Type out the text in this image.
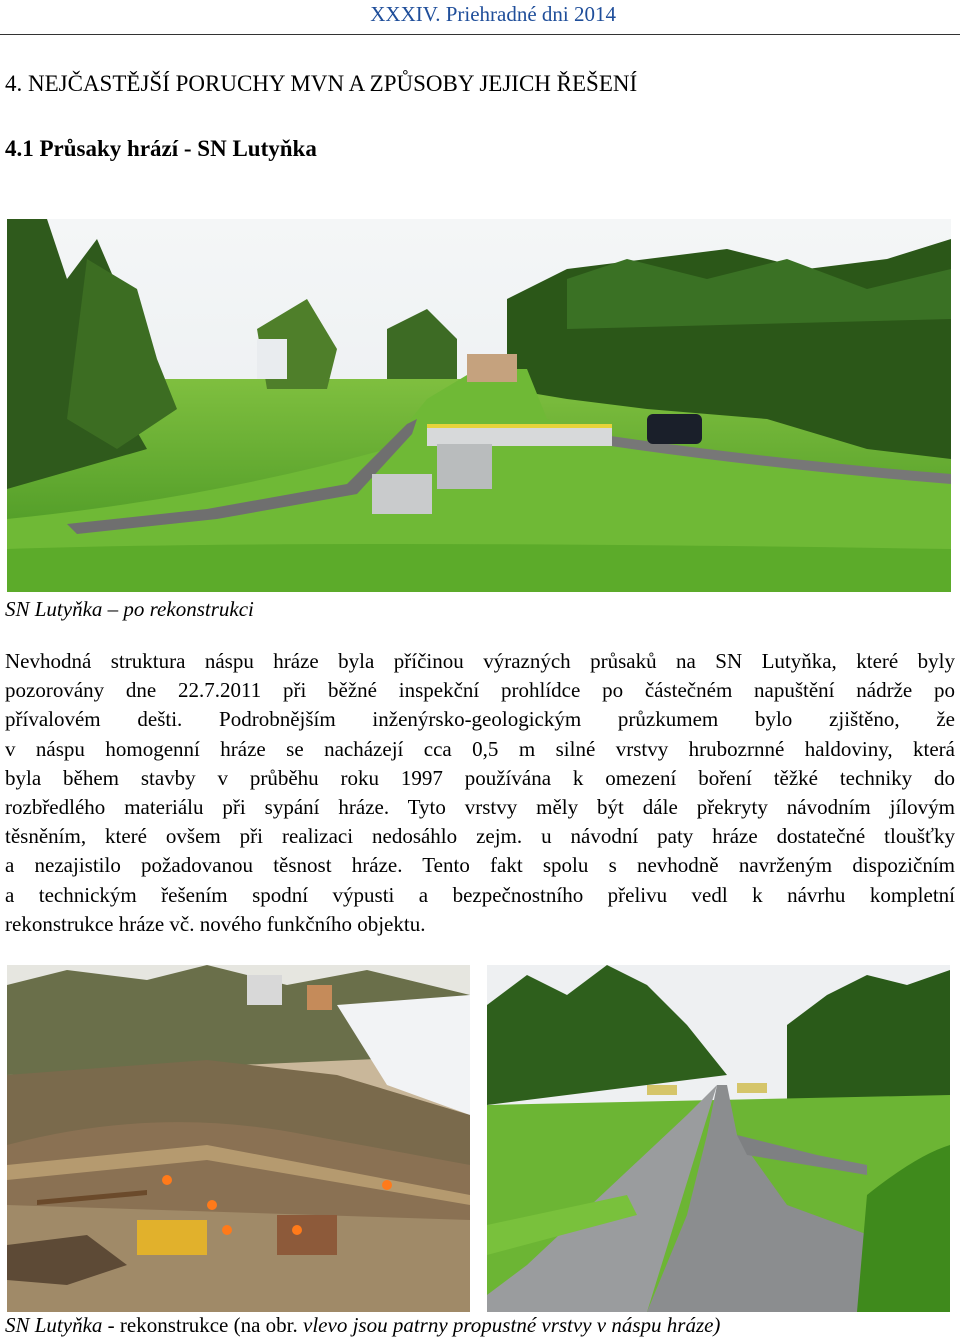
XXXIV. Priehradné dni 2014
4. NEJČASTĚJŠÍ PORUCHY MVN A ZPŮSOBY JEJICH ŘEŠENÍ
4.1 Průsaky hrází - SN Lutyňka
SN Lutyňka – po rekonstrukci
Nevhodná struktura náspu hráze byla příčinou výrazných průsaků na SN Lutyňka, které byly
pozorovány dne 22.7.2011 při běžné inspekční prohlídce po částečném napuštění nádrže po
přívalovém dešti. Podrobnějším inženýrsko-geologickým průzkumem bylo zjištěno, že
v náspu homogenní hráze se nacházejí cca 0,5 m silné vrstvy hrubozrnné haldoviny, která
byla během stavby v průběhu roku 1997 používána k omezení boření těžké techniky do
rozbředlého materiálu při sypání hráze. Tyto vrstvy měly být dále překryty návodním jílovým
těsněním, které ovšem při realizaci nedosáhlo zejm. u návodní paty hráze dostatečné tloušťky
a nezajistilo požadovanou těsnost hráze. Tento fakt spolu s nevhodně navrženým dispozičním
a technickým řešením spodní výpusti a bezpečnostního přelivu vedl k návrhu kompletní
rekonstrukce hráze vč. nového funkčního objektu.
SN Lutyňka - rekonstrukce (na obr. vlevo jsou patrny propustné vrstvy v náspu hráze)
